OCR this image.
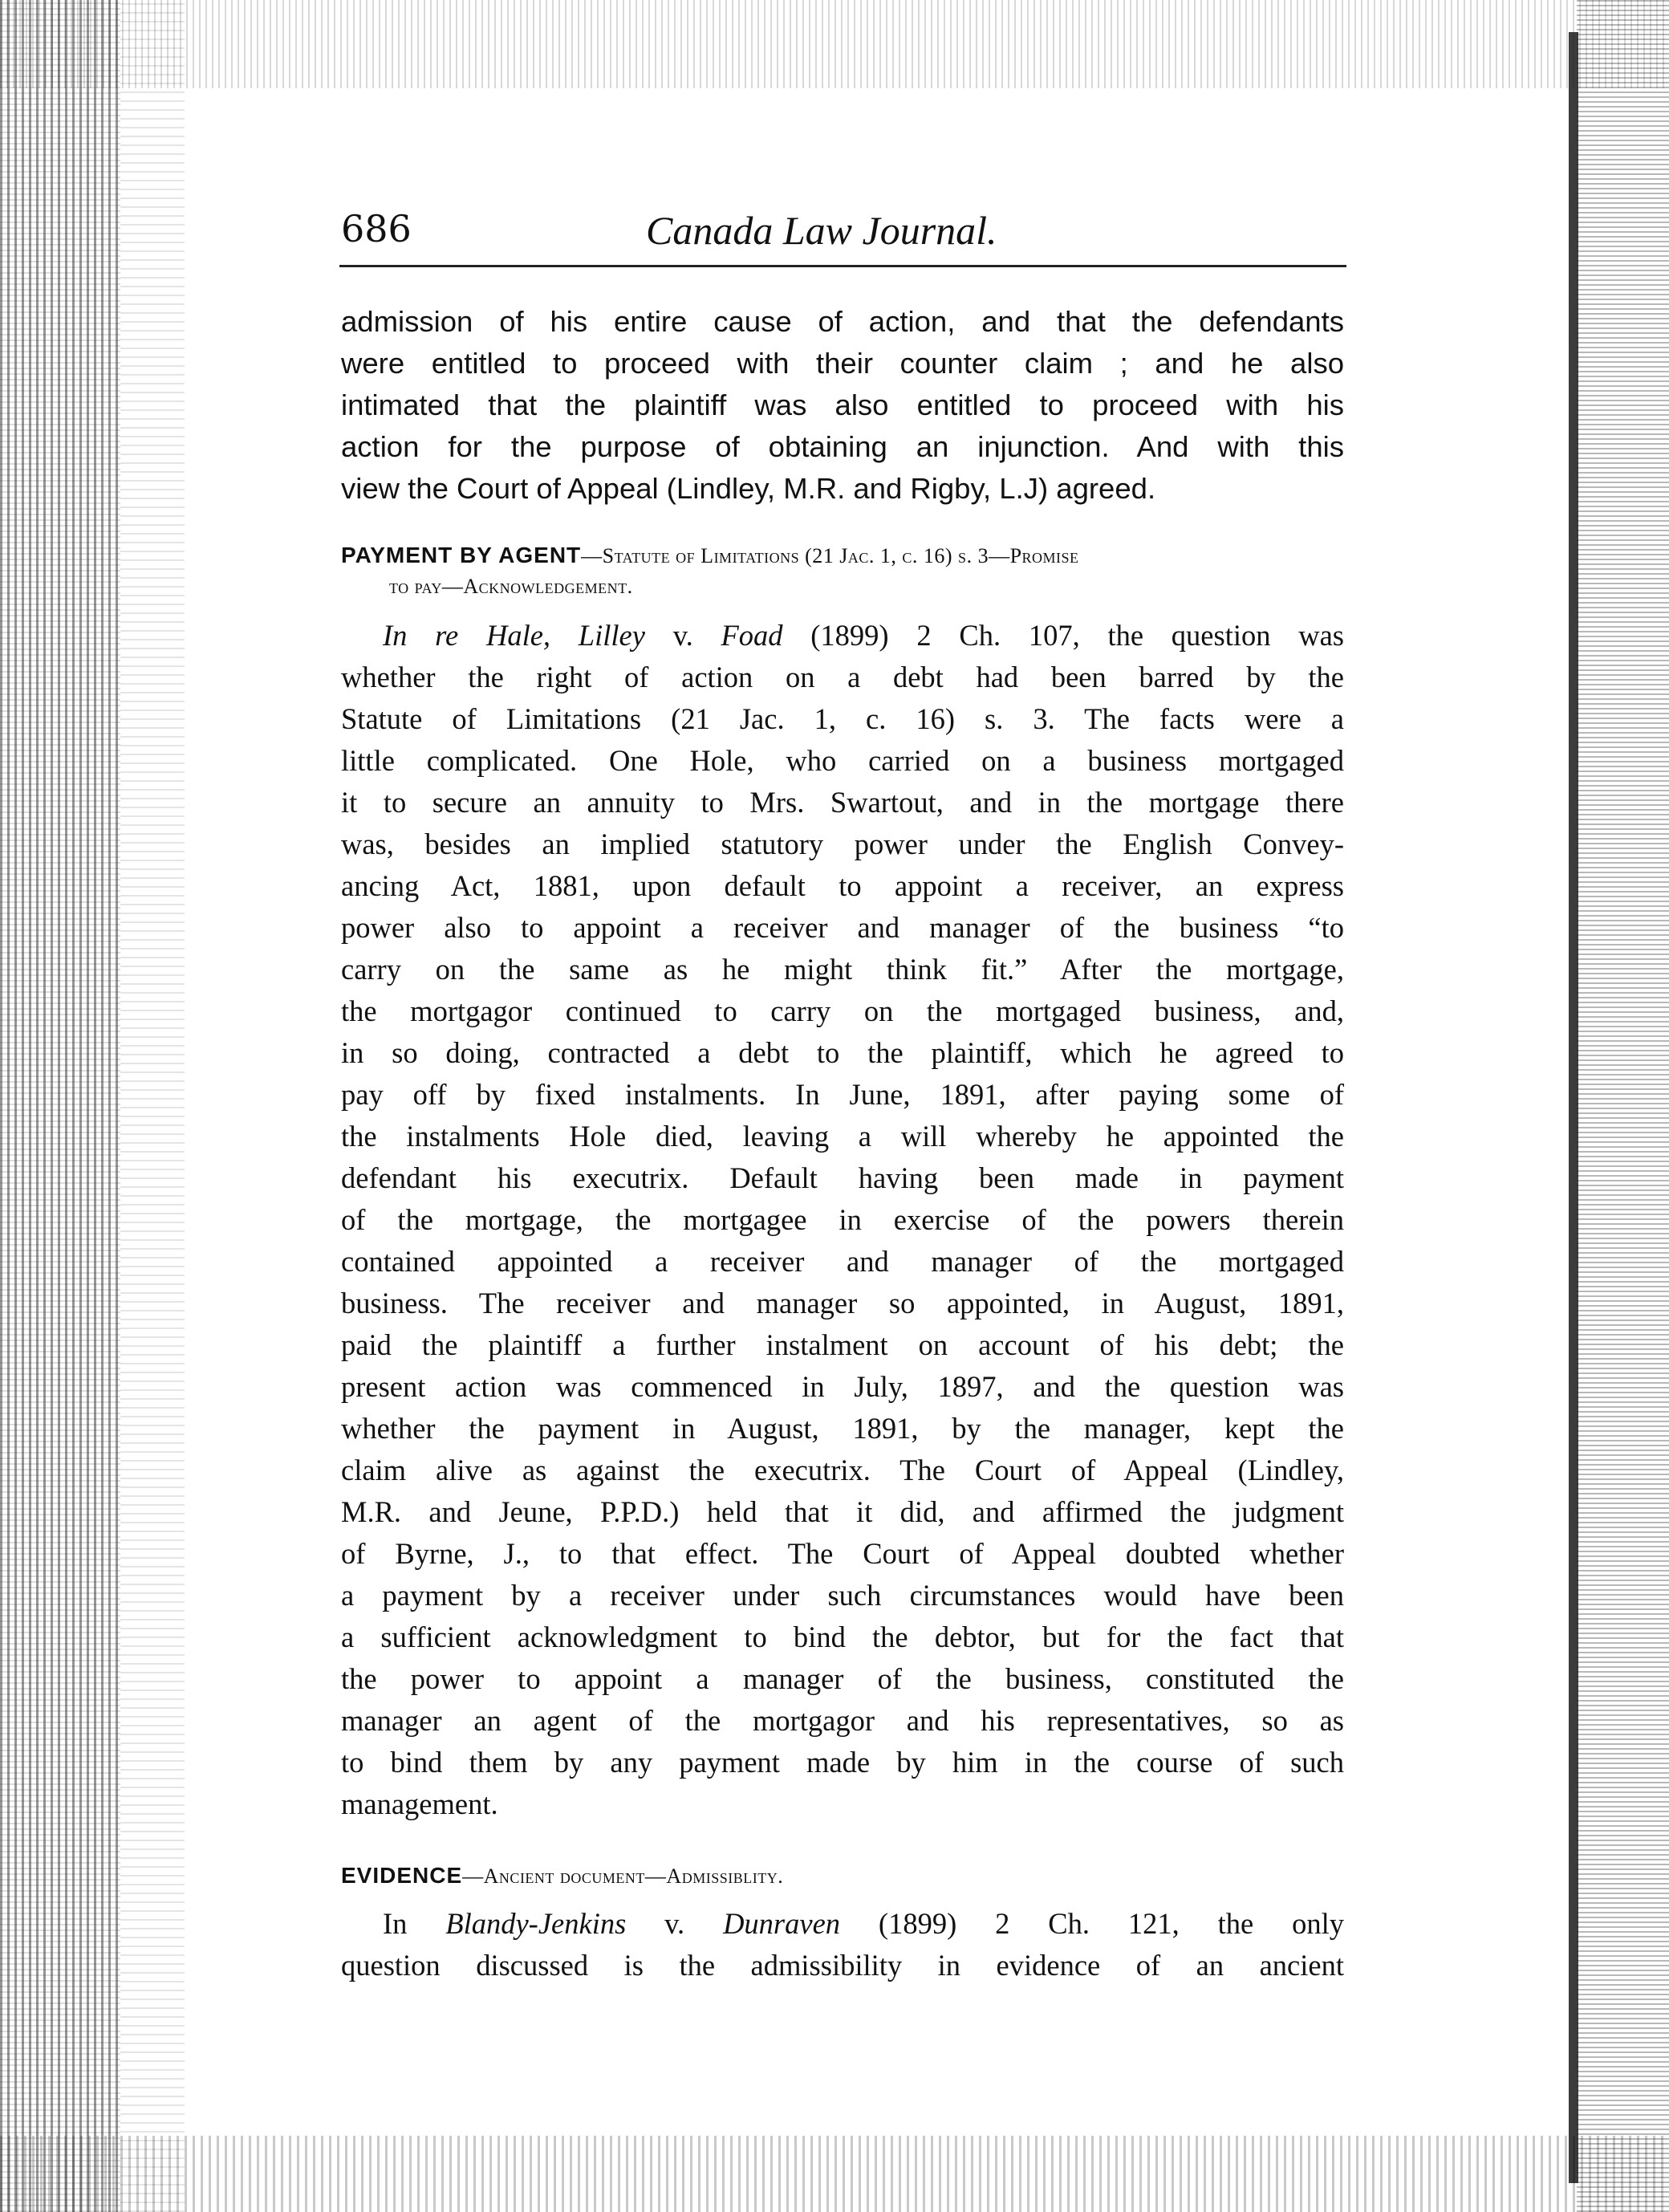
686	Canada Law Journal.
admission of his entire cause of action, and that the defendants
were entitled to proceed with their counter claim ; and he also
intimated that the plaintiff was also entitled to proceed with his
action for the purpose of obtaining an injunction. And with this
view the Court of Appeal (Lindley, M.R. and Rigby, L.J) agreed.
PAYMENT BY AGENT—Statute of Limitations (21 Jac. 1, c. 16) s. 3—Promise
to pay—Acknowledgement.
In re Hale, Lilley v. Foad (1899) 2 Ch. 107, the question was
whether the right of action on a debt had been barred by the
Statute of Limitations (21 Jac. 1, c. 16) s. 3. The facts were a
little complicated. One Hole, who carried on a business mortgaged
it to secure an annuity to Mrs. Swartout, and in the mortgage there
was, besides an implied statutory power under the English Convey-
ancing Act, 1881, upon default to appoint a receiver, an express
power also to appoint a receiver and manager of the business “to
carry on the same as he might think fit.” After the mortgage,
the mortgagor continued to carry on the mortgaged business, and,
in so doing, contracted a debt to the plaintiff, which he agreed to
pay off by fixed instalments. In June, 1891, after paying some of
the instalments Hole died, leaving a will whereby he appointed the
defendant his executrix. Default having been made in payment
of the mortgage, the mortgagee in exercise of the powers therein
contained appointed a receiver and manager of the mortgaged
business. The receiver and manager so appointed, in August, 1891,
paid the plaintiff a further instalment on account of his debt; the
present action was commenced in July, 1897, and the question was
whether the payment in August, 1891, by the manager, kept the
claim alive as against the executrix. The Court of Appeal (Lindley,
M.R. and Jeune, P.P.D.) held that it did, and affirmed the judgment
of Byrne, J., to that effect. The Court of Appeal doubted whether
a payment by a receiver under such circumstances would have been
a sufficient acknowledgment to bind the debtor, but for the fact that
the power to appoint a manager of the business, constituted the
manager an agent of the mortgagor and his representatives, so as
to bind them by any payment made by him in the course of such
management.
EVIDENCE—Ancient document—Admissiblity.
In Blandy-Jenkins v. Dunraven (1899) 2 Ch. 121, the only
question discussed is the admissibility in evidence of an ancient
